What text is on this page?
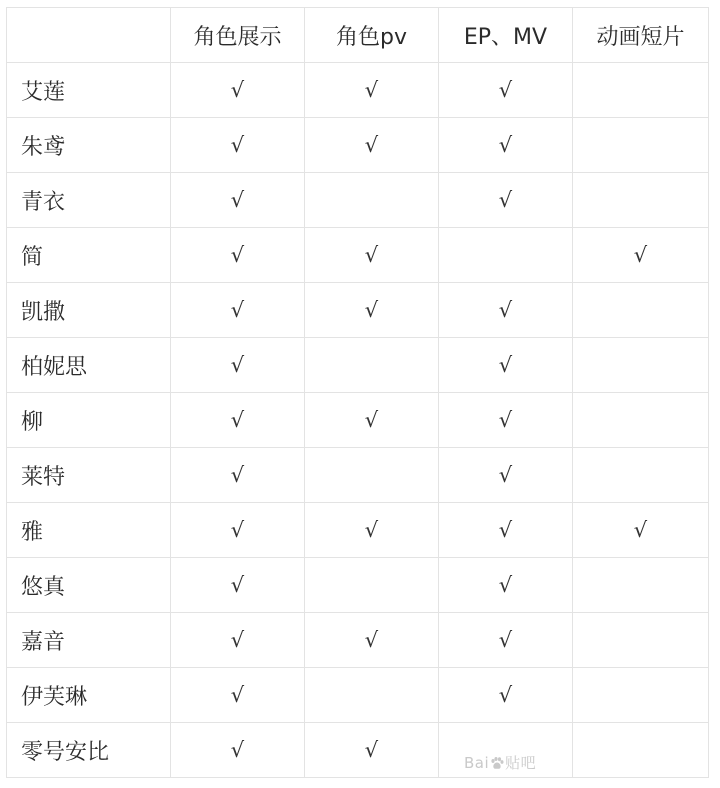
	角色展示	角色pv	EP、MV	动画短片
艾莲	√	√	√	
朱鸢	√	√	√	
青衣	√		√	
简	√	√		√
凯撒	√	√	√	
柏妮思	√		√	
柳	√	√	√	
莱特	√		√	
雅	√	√	√	√
悠真	√		√	
嘉音	√	√	√	
伊芙琳	√		√	
零号安比	√	√		
Bai 贴吧
